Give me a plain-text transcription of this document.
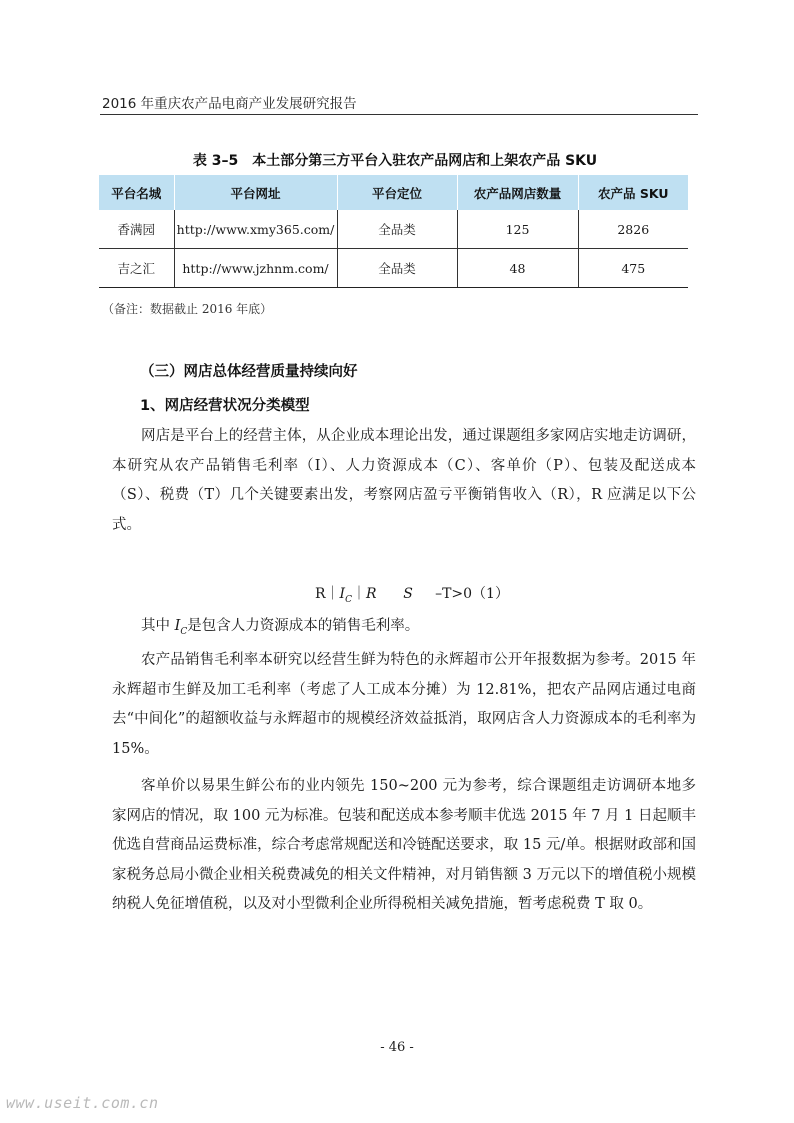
2016 年重庆农产品电商产业发展研究报告
表 3–5　本土部分第三方平台入驻农产品网店和上架农产品 SKU
平台名城	平台网址	平台定位	农产品网店数量	农产品 SKU
香满园	http://www.xmy365.com/	全品类	125	2826
吉之汇	http://www.jzhnm.com/	全品类	48	475
（备注：数据截止 2016 年底）
（三）网店总体经营质量持续向好
1、网店经营状况分类模型

网店是平台上的经营主体，从企业成本理论出发，通过课题组多家网店实地走访调研，本研究从农产品销售毛利率（I）、人力资源成本（C）、客单价（P）、包装及配送成本（S）、税费（T）几个关键要素出发，考察网店盈亏平衡销售收入（R），R 应满足以下公式。

$R|I_C|R$ S –T>0（1）

其中 $I_C$是包含人力资源成本的销售毛利率。

农产品销售毛利率本研究以经营生鲜为特色的永辉超市公开年报数据为参考。2015 年永辉超市生鲜及加工毛利率（考虑了人工成本分摊）为 12.81%，把农产品网店通过电商去“中间化”的超额收益与永辉超市的规模经济效益抵消，取网店含人力资源成本的毛利率为 15%。

客单价以易果生鲜公布的业内领先 150~200 元为参考，综合课题组走访调研本地多家网店的情况，取 100 元为标准。包装和配送成本参考顺丰优选 2015 年 7 月 1 日起顺丰优选自营商品运费标准，综合考虑常规配送和冷链配送要求，取 15 元/单。根据财政部和国家税务总局小微企业相关税费减免的相关文件精神，对月销售额 3 万元以下的增值税小规模纳税人免征增值税，以及对小型微利企业所得税相关减免措施，暂考虑税费 T 取 0。

- 46 -
www.useit.com.cn
